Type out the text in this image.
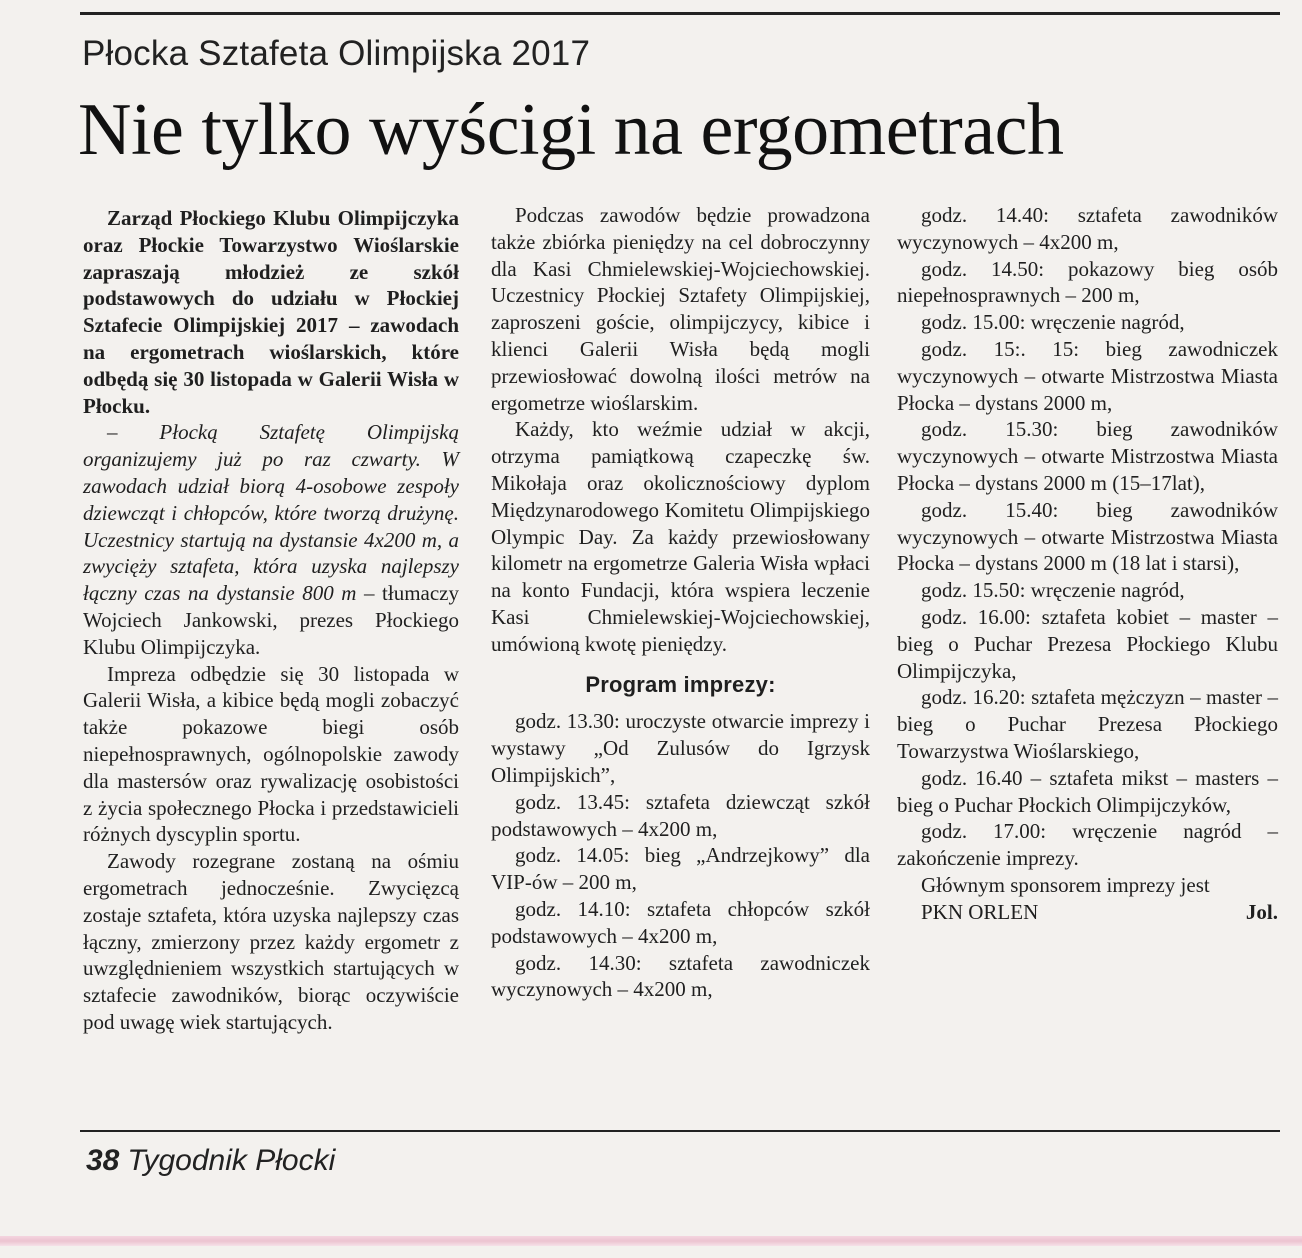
Płocka Sztafeta Olimpijska 2017
Nie tylko wyścigi na ergometrach

Zarząd Płockiego Klubu Olimpijczyka oraz Płockie Towarzystwo Wioślarskie zapraszają młodzież ze szkół podstawowych do udziału w Płockiej Sztafecie Olimpijskiej 2017 – zawodach na ergometrach wioślarskich, które odbędą się 30 listopada w Galerii Wisła w Płocku.

– Płocką Sztafetę Olimpijską organizujemy już po raz czwarty. W zawodach udział biorą 4-osobowe zespoły dziewcząt i chłopców, które tworzą drużynę. Uczestnicy startują na dystansie 4x200 m, a zwycięży sztafeta, która uzyska najlepszy łączny czas na dystansie 800 m – tłumaczy Wojciech Jankowski, prezes Płockiego Klubu Olimpijczyka.

Impreza odbędzie się 30 listopada w Galerii Wisła, a kibice będą mogli zobaczyć także pokazowe biegi osób niepełnosprawnych, ogólnopolskie zawody dla mastersów oraz rywalizację osobistości z życia społecznego Płocka i przedstawicieli różnych dyscyplin sportu.

Zawody rozegrane zostaną na ośmiu ergometrach jednocześnie. Zwycięzcą zostaje sztafeta, która uzyska najlepszy czas łączny, zmierzony przez każdy ergometr z uwzględnieniem wszystkich startujących w sztafecie zawodników, biorąc oczywiście pod uwagę wiek startujących.

Podczas zawodów będzie prowadzona także zbiórka pieniędzy na cel dobroczynny dla Kasi Chmielewskiej-Wojciechowskiej. Uczestnicy Płockiej Sztafety Olimpijskiej, zaproszeni goście, olimpijczycy, kibice i klienci Galerii Wisła będą mogli przewiosłować dowolną ilości metrów na ergometrze wioślarskim.

Każdy, kto weźmie udział w akcji, otrzyma pamiątkową czapeczkę św. Mikołaja oraz okolicznościowy dyplom Międzynarodowego Komitetu Olimpijskiego Olympic Day. Za każdy przewiosłowany kilometr na ergometrze Galeria Wisła wpłaci na konto Fundacji, która wspiera leczenie Kasi Chmielewskiej-Wojciechowskiej, umówioną kwotę pieniędzy.

Program imprezy:

godz. 13.30: uroczyste otwarcie imprezy i wystawy „Od Zulusów do Igrzysk Olimpijskich”,

godz. 13.45: sztafeta dziewcząt szkół podstawowych – 4x200 m,

godz. 14.05: bieg „Andrzejkowy” dla VIP-ów – 200 m,

godz. 14.10: sztafeta chłopców szkół podstawowych – 4x200 m,

godz. 14.30: sztafeta zawodniczek wyczynowych – 4x200 m,

godz. 14.40: sztafeta zawodników wyczynowych – 4x200 m,

godz. 14.50: pokazowy bieg osób niepełnosprawnych – 200 m,

godz. 15.00: wręczenie nagród,

godz. 15:. 15: bieg zawodniczek wyczynowych – otwarte Mistrzostwa Miasta Płocka – dystans 2000 m,

godz. 15.30: bieg zawodników wyczynowych – otwarte Mistrzostwa Miasta Płocka – dystans 2000 m (15–17lat),

godz. 15.40: bieg zawodników wyczynowych – otwarte Mistrzostwa Miasta Płocka – dystans 2000 m (18 lat i starsi),

godz. 15.50: wręczenie nagród,

godz. 16.00: sztafeta kobiet – master – bieg o Puchar Prezesa Płockiego Klubu Olimpijczyka,

godz. 16.20: sztafeta mężczyzn – master – bieg o Puchar Prezesa Płockiego Towarzystwa Wioślarskiego,

godz. 16.40 – sztafeta mikst – masters – bieg o Puchar Płockich Olimpijczyków,

godz. 17.00: wręczenie nagród – zakończenie imprezy.

Głównym sponsorem imprezy jest

PKN ORLEN	Jol.

38 Tygodnik Płocki
